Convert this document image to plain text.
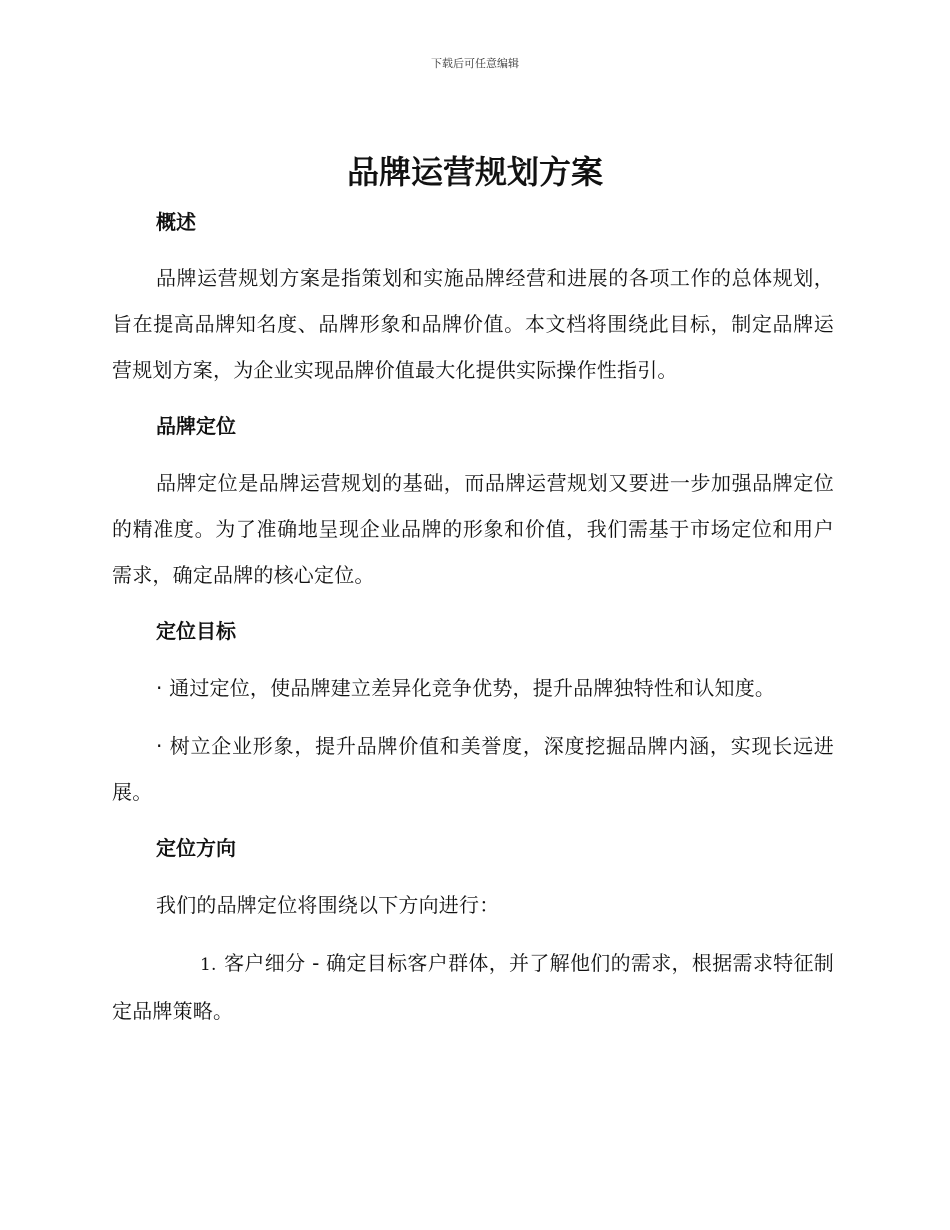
下载后可任意编辑
品牌运营规划方案
概述

品牌运营规划方案是指策划和实施品牌经营和进展的各项工作的总体规划，旨在提高品牌知名度、品牌形象和品牌价值。本文档将围绕此目标，制定品牌运营规划方案，为企业实现品牌价值最大化提供实际操作性指引。

品牌定位

品牌定位是品牌运营规划的基础，而品牌运营规划又要进一步加强品牌定位的精准度。为了准确地呈现企业品牌的形象和价值，我们需基于市场定位和用户需求，确定品牌的核心定位。

定位目标

· 通过定位，使品牌建立差异化竞争优势，提升品牌独特性和认知度。

· 树立企业形象，提升品牌价值和美誉度，深度挖掘品牌内涵，实现长远进展。

定位方向

我们的品牌定位将围绕以下方向进行：

1. 客户细分 - 确定目标客户群体，并了解他们的需求，根据需求特征制定品牌策略。
